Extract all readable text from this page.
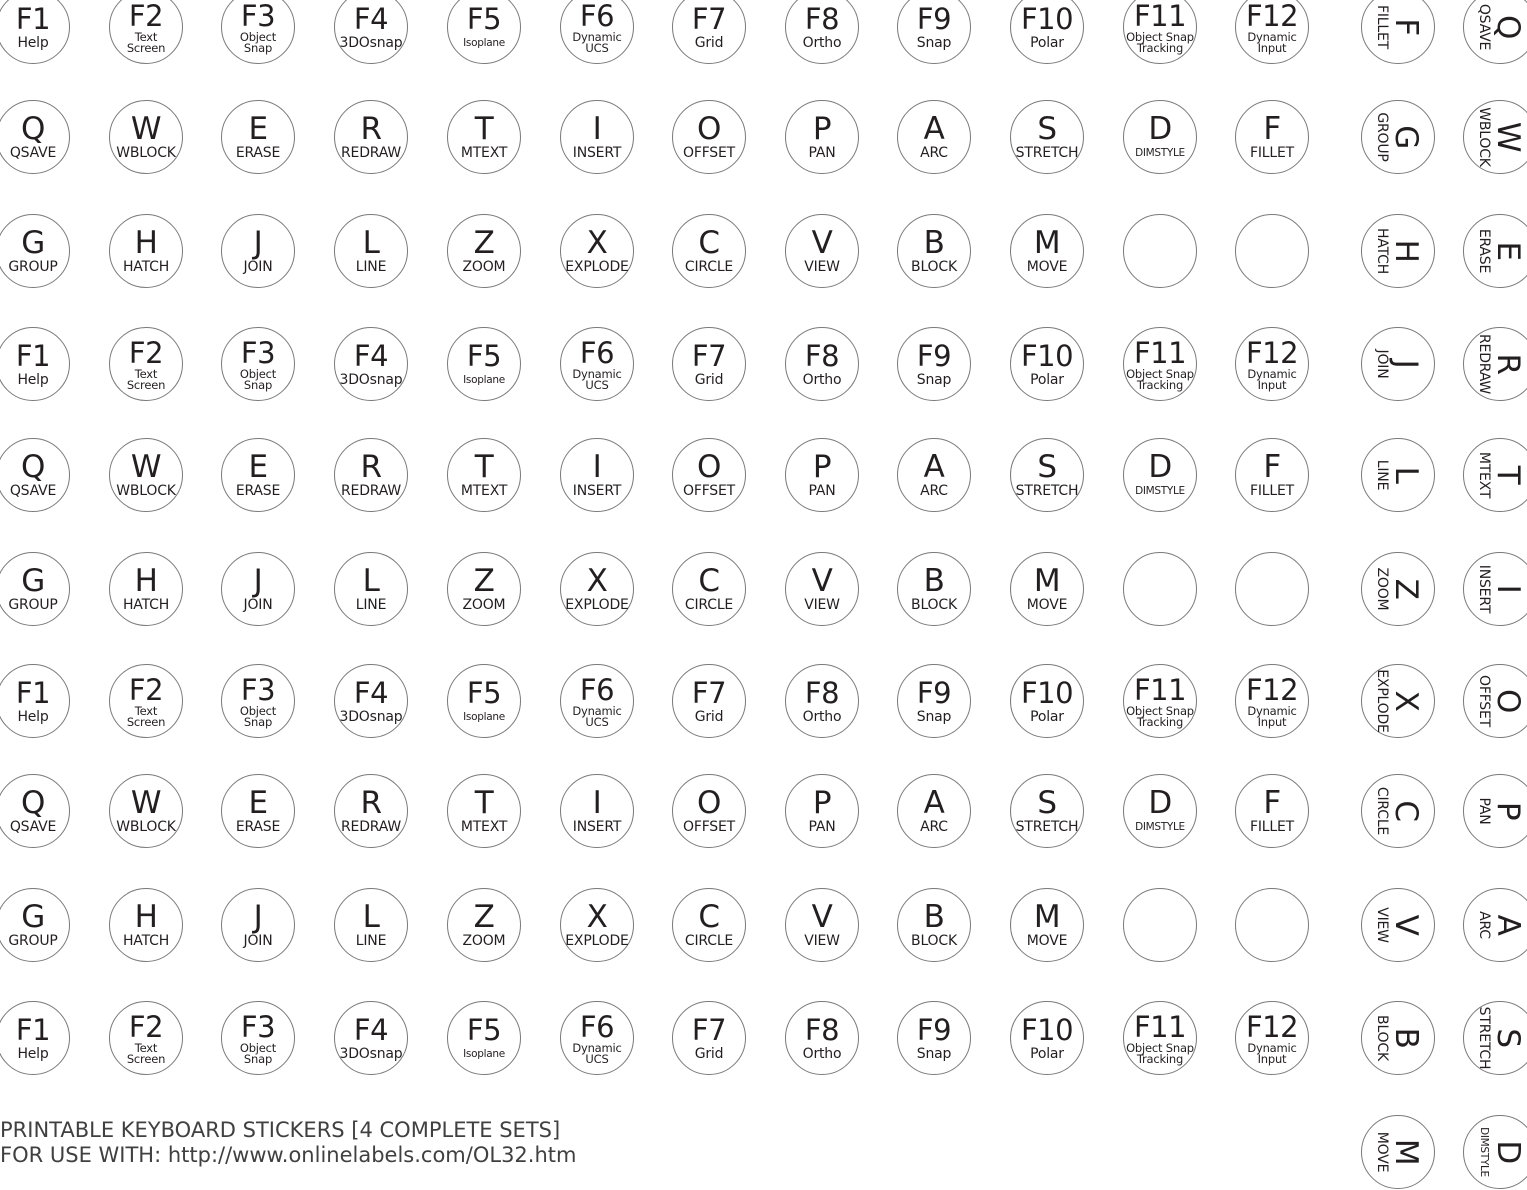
F1
Help
F2
Text
Screen
F3
Object
Snap
F4
3DOsnap
F5
Isoplane
F6
Dynamic
UCS
F7
Grid
F8
Ortho
F9
Snap
F10
Polar
F11
Object Snap
Tracking
F12
Dynamic
Input
Q
QSAVE
W
WBLOCK
E
ERASE
R
REDRAW
T
MTEXT
I
INSERT
O
OFFSET
P
PAN
A
ARC
S
STRETCH
D
DIMSTYLE
F
FILLET
G
GROUP
H
HATCH
J
JOIN
L
LINE
Z
ZOOM
X
EXPLODE
C
CIRCLE
V
VIEW
B
BLOCK
M
MOVE
F1
Help
F2
Text
Screen
F3
Object
Snap
F4
3DOsnap
F5
Isoplane
F6
Dynamic
UCS
F7
Grid
F8
Ortho
F9
Snap
F10
Polar
F11
Object Snap
Tracking
F12
Dynamic
Input
Q
QSAVE
W
WBLOCK
E
ERASE
R
REDRAW
T
MTEXT
I
INSERT
O
OFFSET
P
PAN
A
ARC
S
STRETCH
D
DIMSTYLE
F
FILLET
G
GROUP
H
HATCH
J
JOIN
L
LINE
Z
ZOOM
X
EXPLODE
C
CIRCLE
V
VIEW
B
BLOCK
M
MOVE
F1
Help
F2
Text
Screen
F3
Object
Snap
F4
3DOsnap
F5
Isoplane
F6
Dynamic
UCS
F7
Grid
F8
Ortho
F9
Snap
F10
Polar
F11
Object Snap
Tracking
F12
Dynamic
Input
Q
QSAVE
W
WBLOCK
E
ERASE
R
REDRAW
T
MTEXT
I
INSERT
O
OFFSET
P
PAN
A
ARC
S
STRETCH
D
DIMSTYLE
F
FILLET
G
GROUP
H
HATCH
J
JOIN
L
LINE
Z
ZOOM
X
EXPLODE
C
CIRCLE
V
VIEW
B
BLOCK
M
MOVE
F1
Help
F2
Text
Screen
F3
Object
Snap
F4
3DOsnap
F5
Isoplane
F6
Dynamic
UCS
F7
Grid
F8
Ortho
F9
Snap
F10
Polar
F11
Object Snap
Tracking
F12
Dynamic
Input
F
FILLET
G
GROUP
H
HATCH
J
JOIN
L
LINE
Z
ZOOM
X
EXPLODE
C
CIRCLE
V
VIEW
B
BLOCK
M
MOVE
Q
QSAVE
W
WBLOCK
E
ERASE
R
REDRAW
T
MTEXT
I
INSERT
O
OFFSET
P
PAN
A
ARC
S
STRETCH
D
DIMSTYLE
PRINTABLE KEYBOARD STICKERS [4 COMPLETE SETS]
FOR USE WITH: http://www.onlinelabels.com/OL32.htm
